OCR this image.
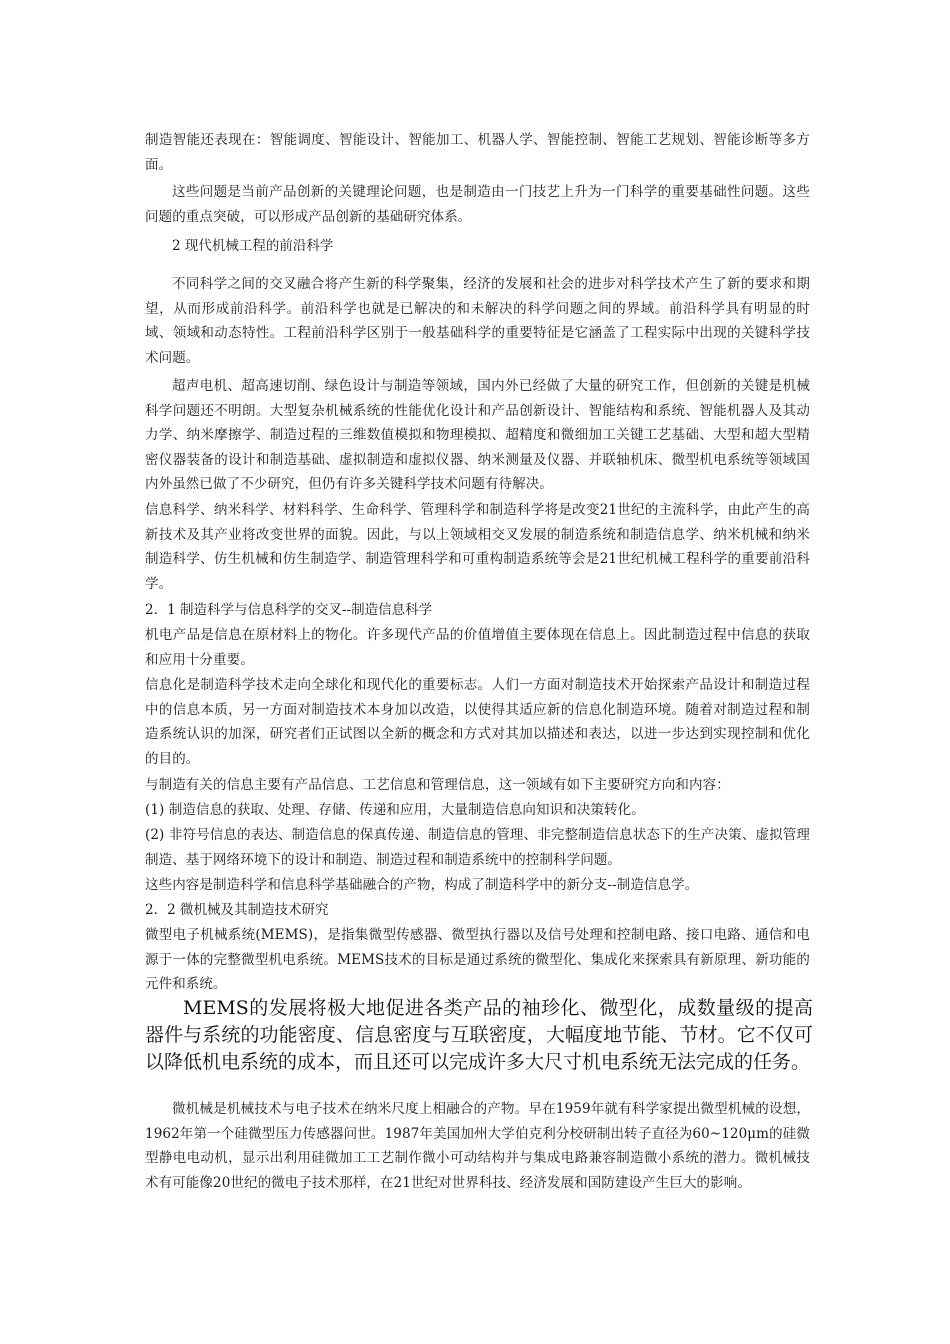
制造智能还表现在：智能调度、智能设计、智能加工、机器人学、智能控制、智能工艺规划、智能诊断等多方面。

这些问题是当前产品创新的关键理论问题，也是制造由一门技艺上升为一门科学的重要基础性问题。这些问题的重点突破，可以形成产品创新的基础研究体系。

2 现代机械工程的前沿科学

不同科学之间的交叉融合将产生新的科学聚集，经济的发展和社会的进步对科学技术产生了新的要求和期望，从而形成前沿科学。前沿科学也就是已解决的和未解决的科学问题之间的界域。前沿科学具有明显的时域、领域和动态特性。工程前沿科学区别于一般基础科学的重要特征是它涵盖了工程实际中出现的关键科学技术问题。

超声电机、超高速切削、绿色设计与制造等领域，国内外已经做了大量的研究工作，但创新的关键是机械科学问题还不明朗。大型复杂机械系统的性能优化设计和产品创新设计、智能结构和系统、智能机器人及其动力学、纳米摩擦学、制造过程的三维数值模拟和物理模拟、超精度和微细加工关键工艺基础、大型和超大型精密仪器装备的设计和制造基础、虚拟制造和虚拟仪器、纳米测量及仪器、并联轴机床、微型机电系统等领域国内外虽然已做了不少研究，但仍有许多关键科学技术问题有待解决。

信息科学、纳米科学、材料科学、生命科学、管理科学和制造科学将是改变21世纪的主流科学，由此产生的高新技术及其产业将改变世界的面貌。因此，与以上领域相交叉发展的制造系统和制造信息学、纳米机械和纳米制造科学、仿生机械和仿生制造学、制造管理科学和可重构制造系统等会是21世纪机械工程科学的重要前沿科学。

2．1 制造科学与信息科学的交叉--制造信息科学

机电产品是信息在原材料上的物化。许多现代产品的价值增值主要体现在信息上。因此制造过程中信息的获取和应用十分重要。

信息化是制造科学技术走向全球化和现代化的重要标志。人们一方面对制造技术开始探索产品设计和制造过程中的信息本质，另一方面对制造技术本身加以改造，以使得其适应新的信息化制造环境。随着对制造过程和制造系统认识的加深，研究者们正试图以全新的概念和方式对其加以描述和表达，以进一步达到实现控制和优化的目的。

与制造有关的信息主要有产品信息、工艺信息和管理信息，这一领域有如下主要研究方向和内容：

(1) 制造信息的获取、处理、存储、传递和应用，大量制造信息向知识和决策转化。

(2) 非符号信息的表达、制造信息的保真传递、制造信息的管理、非完整制造信息状态下的生产决策、虚拟管理制造、基于网络环境下的设计和制造、制造过程和制造系统中的控制科学问题。

这些内容是制造科学和信息科学基础融合的产物，构成了制造科学中的新分支--制造信息学。

2．2 微机械及其制造技术研究

微型电子机械系统(MEMS)，是指集微型传感器、微型执行器以及信号处理和控制电路、接口电路、通信和电源于一体的完整微型机电系统。MEMS技术的目标是通过系统的微型化、集成化来探索具有新原理、新功能的元件和系统。

MEMS的发展将极大地促进各类产品的袖珍化、微型化，成数量级的提高器件与系统的功能密度、信息密度与互联密度，大幅度地节能、节材。它不仅可以降低机电系统的成本，而且还可以完成许多大尺寸机电系统无法完成的任务。

微机械是机械技术与电子技术在纳米尺度上相融合的产物。早在1959年就有科学家提出微型机械的设想，1962年第一个硅微型压力传感器问世。1987年美国加州大学伯克利分校研制出转子直径为60~120μm的硅微型静电电动机，显示出利用硅微加工工艺制作微小可动结构并与集成电路兼容制造微小系统的潜力。微机械技术有可能像20世纪的微电子技术那样，在21世纪对世界科技、经济发展和国防建设产生巨大的影响。
